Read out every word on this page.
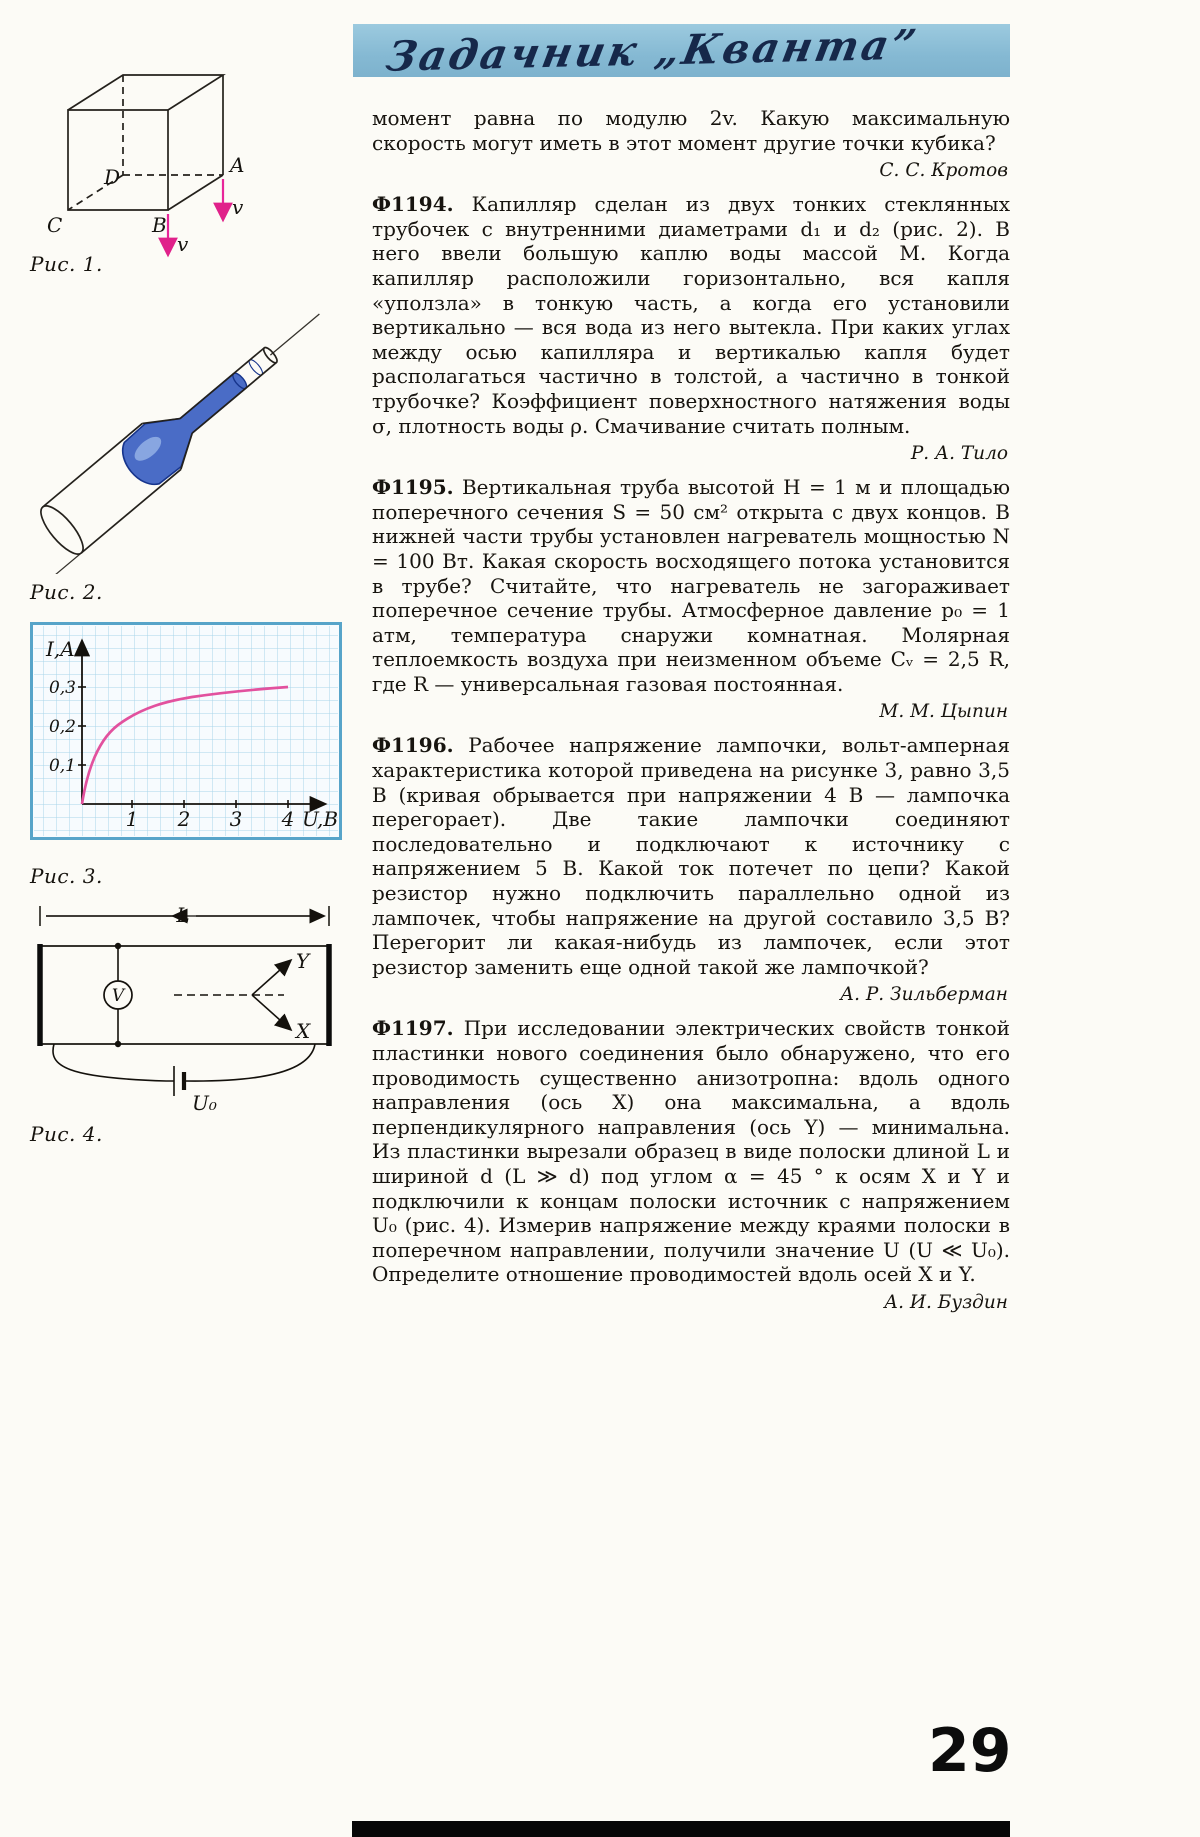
Задачник „Кванта”
D	A
C	B
v
v
Рис. 1.
Рис. 2.
I,A
0,3
0,2
0,1
1 2 3 4 U,В
Рис. 3.
L
V
Y
X
U₀
Рис. 4.

момент равна по модулю 2v. Какую максимальную скорость могут иметь в этот момент другие точки кубика?

С. С. Кротов

Ф1194. Капилляр сделан из двух тонких стеклянных трубочек с внутренними диаметрами d₁ и d₂ (рис. 2). В него ввели большую каплю воды массой M. Когда капилляр расположили горизонтально, вся капля «уползла» в тонкую часть, а когда его установили вертикально — вся вода из него вытекла. При каких углах между осью капилляра и вертикалью капля будет располагаться частично в толстой, а частично в тонкой трубочке? Коэффициент поверхностного натяжения воды σ, плотность воды ρ. Смачивание считать полным.

Р. А. Тило

Ф1195. Вертикальная труба высотой H = 1 м и площадью поперечного сечения S = 50 см² открыта с двух концов. В нижней части трубы установлен нагреватель мощностью N = 100 Вт. Какая скорость восходящего потока установится в трубе? Считайте, что нагреватель не загораживает поперечное сечение трубы. Атмосферное давление p₀ = 1 атм, температура снаружи комнатная. Молярная теплоемкость воздуха при неизменном объеме Cᵥ = 2,5 R, где R — универсальная газовая постоянная.

М. М. Цыпин

Ф1196. Рабочее напряжение лампочки, вольт-амперная характеристика которой приведена на рисунке 3, равно 3,5 В (кривая обрывается при напряжении 4 В — лампочка перегорает). Две такие лампочки соединяют последовательно и подключают к источнику с напряжением 5 В. Какой ток потечет по цепи? Какой резистор нужно подключить параллельно одной из лампочек, чтобы напряжение на другой составило 3,5 В? Перегорит ли какая-нибудь из лампочек, если этот резистор заменить еще одной такой же лампочкой?

А. Р. Зильберман

Ф1197. При исследовании электрических свойств тонкой пластинки нового соединения было обнаружено, что его проводимость существенно анизотропна: вдоль одного направления (ось X) она максимальна, а вдоль перпендикулярного направления (ось Y) — минимальна. Из пластинки вырезали образец в виде полоски длиной L и шириной d (L ≫ d) под углом α = 45 ° к осям X и Y и подключили к концам полоски источник с напряжением U₀ (рис. 4). Измерив напряжение между краями полоски в поперечном направлении, получили значение U (U ≪ U₀). Определите отношение проводимостей вдоль осей X и Y.

А. И. Буздин
29
